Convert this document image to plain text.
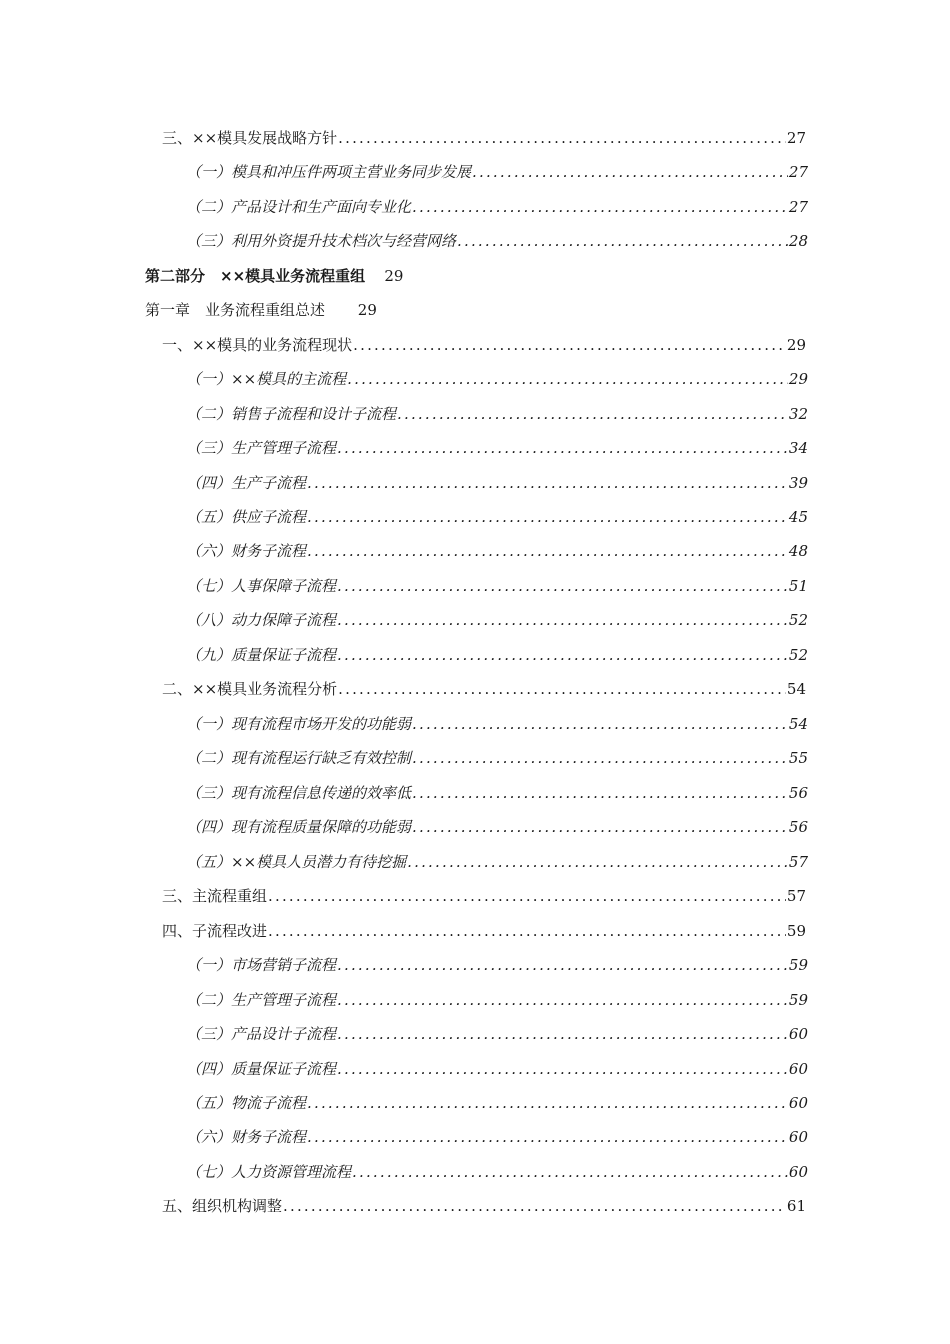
三、××模具发展战略方针 .....	27
（一）模具和冲压件两项主营业务同步发展 .....	27
（二）产品设计和生产面向专业化 .....	27
（三）利用外资提升技术档次与经营网络 .....	28
第二部分　××模具业务流程重组 29
第一章　业务流程重组总述 29
一、××模具的业务流程现状 .....	29
（一）××模具的主流程 .....	29
（二）销售子流程和设计子流程 .....	32
（三）生产管理子流程 .....	34
（四）生产子流程 .....	39
（五）供应子流程 .....	45
（六）财务子流程 .....	48
（七）人事保障子流程 .....	51
（八）动力保障子流程 .....	52
（九）质量保证子流程 .....	52
二、××模具业务流程分析 .....	54
（一）现有流程市场开发的功能弱 .....	54
（二）现有流程运行缺乏有效控制 .....	55
（三）现有流程信息传递的效率低 .....	56
（四）现有流程质量保障的功能弱 .....	56
（五）××模具人员潜力有待挖掘 .....	57
三、主流程重组 .....	57
四、子流程改进 .....	59
（一）市场营销子流程 .....	59
（二）生产管理子流程 .....	59
（三）产品设计子流程 .....	60
（四）质量保证子流程 .....	60
（五）物流子流程 .....	60
（六）财务子流程 .....	60
（七）人力资源管理流程 .....	60
五、组织机构调整 .....	61
